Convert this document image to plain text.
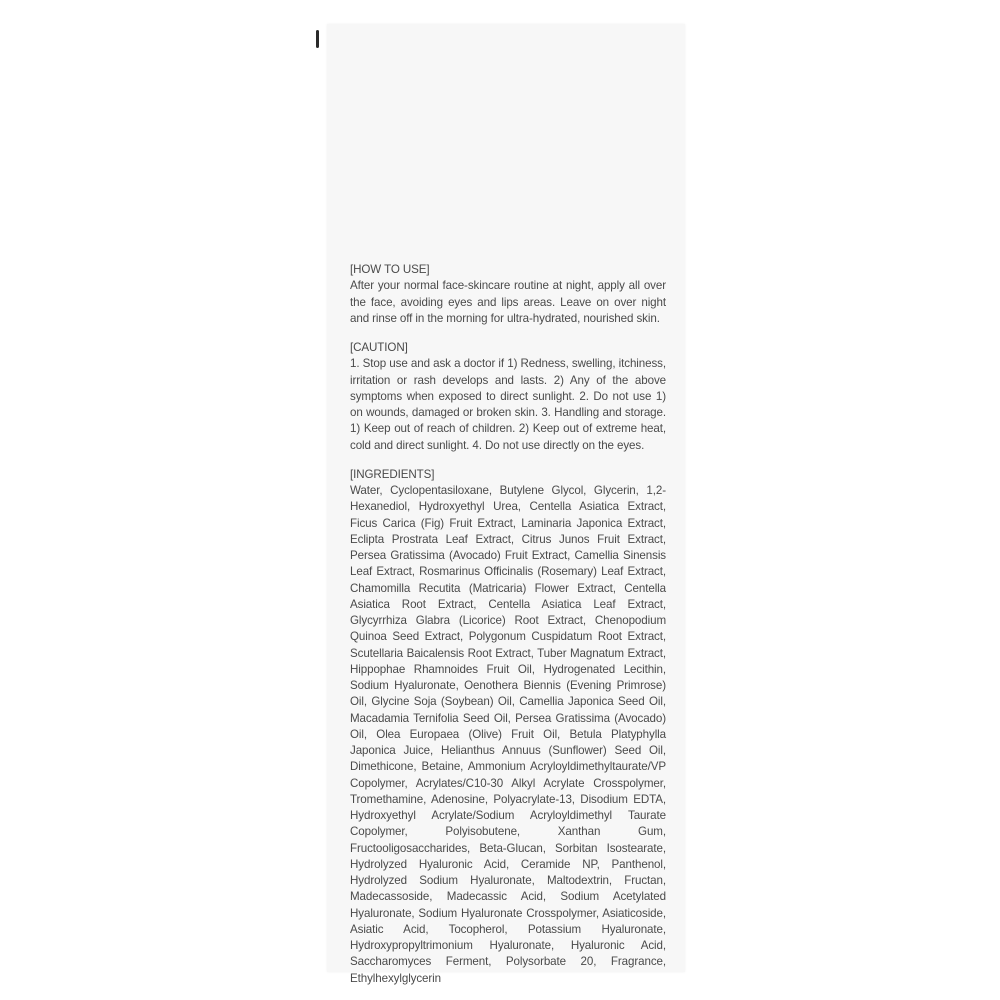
[HOW TO USE]
After your normal face-skincare routine at night, apply all over the face, avoiding eyes and lips areas. Leave on over night and rinse off in the morning for ultra-hydrated, nourished skin.
[CAUTION]
1. Stop use and ask a doctor if 1) Redness, swelling, itchiness, irritation or rash develops and lasts. 2) Any of the above symptoms when exposed to direct sunlight. 2. Do not use 1) on wounds, damaged or broken skin. 3. Handling and storage. 1) Keep out of reach of children. 2) Keep out of extreme heat, cold and direct sunlight. 4. Do not use directly on the eyes.
[INGREDIENTS]
Water, Cyclopentasiloxane, Butylene Glycol, Glycerin, 1,2-Hexanediol, Hydroxyethyl Urea, Centella Asiatica Extract, Ficus Carica (Fig) Fruit Extract, Laminaria Japonica Extract, Eclipta Prostrata Leaf Extract, Citrus Junos Fruit Extract, Persea Gratissima (Avocado) Fruit Extract, Camellia Sinensis Leaf Extract, Rosmarinus Officinalis (Rosemary) Leaf Extract, Chamomilla Recutita (Matricaria) Flower Extract, Centella Asiatica Root Extract, Centella Asiatica Leaf Extract, Glycyrrhiza Glabra (Licorice) Root Extract, Chenopodium Quinoa Seed Extract, Polygonum Cuspidatum Root Extract, Scutellaria Baicalensis Root Extract, Tuber Magnatum Extract, Hippophae Rhamnoides Fruit Oil, Hydrogenated Lecithin, Sodium Hyaluronate, Oenothera Biennis (Evening Primrose) Oil, Glycine Soja (Soybean) Oil, Camellia Japonica Seed Oil, Macadamia Ternifolia Seed Oil, Persea Gratissima (Avocado) Oil, Olea Europaea (Olive) Fruit Oil, Betula Platyphylla Japonica Juice, Helianthus Annuus (Sunflower) Seed Oil, Dimethicone, Betaine, Ammonium Acryloyldimethyltaurate/VP Copolymer, Acrylates/C10-30 Alkyl Acrylate Crosspolymer, Tromethamine, Adenosine, Polyacrylate-13, Disodium EDTA, Hydroxyethyl Acrylate/Sodium Acryloyldimethyl Taurate Copolymer, Polyisobutene, Xanthan Gum, Fructooligosaccharides, Beta-Glucan, Sorbitan Isostearate, Hydrolyzed Hyaluronic Acid, Ceramide NP, Panthenol, Hydrolyzed Sodium Hyaluronate, Maltodextrin, Fructan, Madecassoside, Madecassic Acid, Sodium Acetylated Hyaluronate, Sodium Hyaluronate Crosspolymer, Asiaticoside, Asiatic Acid, Tocopherol, Potassium Hyaluronate, Hydroxypropyltrimonium Hyaluronate, Hyaluronic Acid, Saccharomyces Ferment, Polysorbate 20, Fragrance, Ethylhexylglycerin
